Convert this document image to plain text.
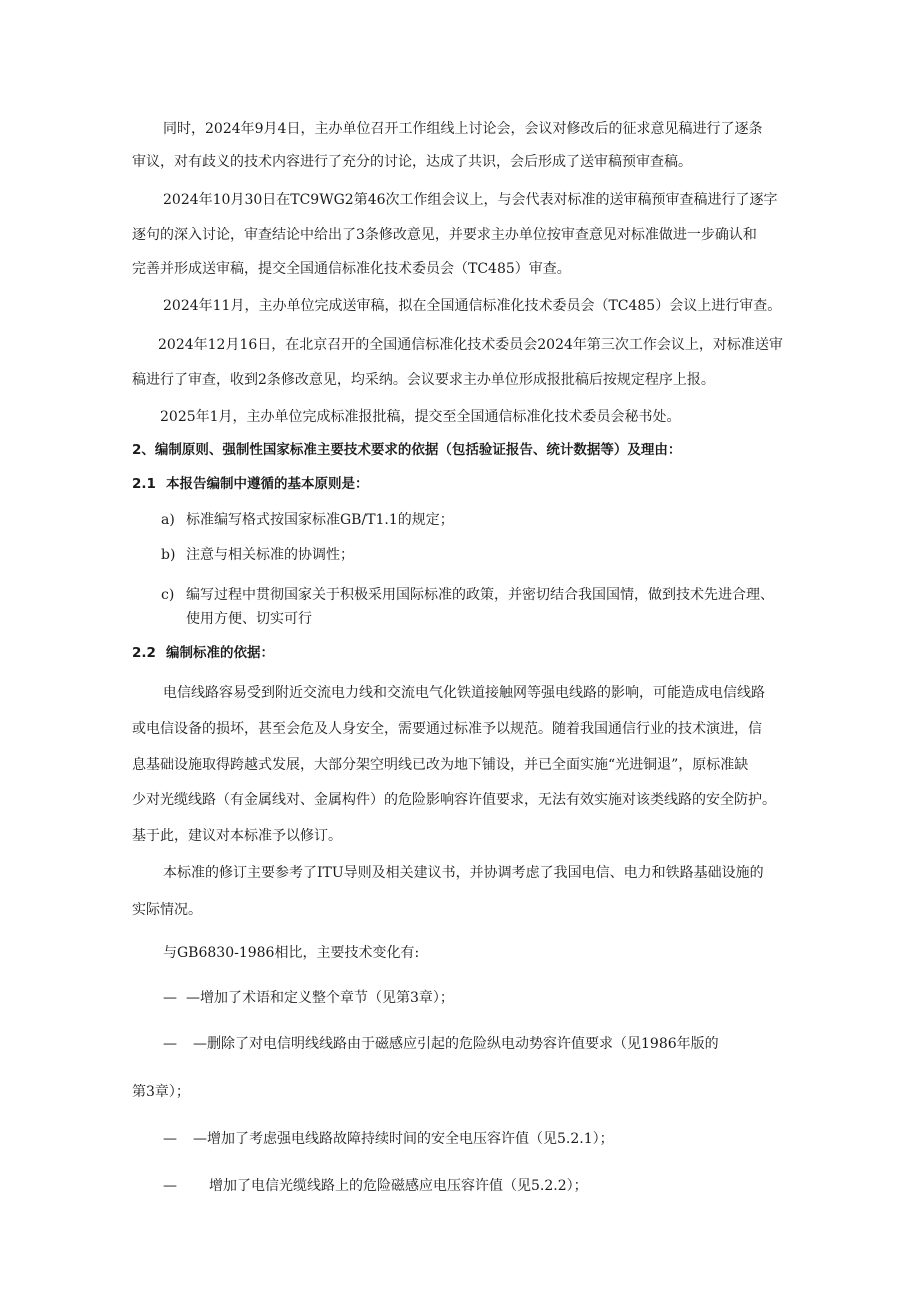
同时，2024年9月4日，主办单位召开工作组线上讨论会，会议对修改后的征求意见稿进行了逐条
审议，对有歧义的技术内容进行了充分的讨论，达成了共识，会后形成了送审稿预审查稿。
2024年10月30日在TC9WG2第46次工作组会议上，与会代表对标准的送审稿预审查稿进行了逐字
逐句的深入讨论，审查结论中给出了3条修改意见，并要求主办单位按审查意见对标准做进一步确认和
完善并形成送审稿，提交全国通信标准化技术委员会（TC485）审查。
2024年11月，主办单位完成送审稿，拟在全国通信标准化技术委员会（TC485）会议上进行审查。
2024年12月16日，在北京召开的全国通信标准化技术委员会2024年第三次工作会议上，对标准送审
稿进行了审查，收到2条修改意见，均采纳。会议要求主办单位形成报批稿后按规定程序上报。
2025年1月，主办单位完成标准报批稿，提交至全国通信标准化技术委员会秘书处。
2、编制原则、强制性国家标准主要技术要求的依据（包括验证报告、统计数据等）及理由：
2.1 本报告编制中遵循的基本原则是：
a) 标准编写格式按国家标准GB/T1.1的规定；
b) 注意与相关标准的协调性；
c) 编写过程中贯彻国家关于积极采用国际标准的政策，并密切结合我国国情，做到技术先进合理、
使用方便、切实可行
2.2 编制标准的依据：
电信线路容易受到附近交流电力线和交流电气化铁道接触网等强电线路的影响，可能造成电信线路
或电信设备的损坏，甚至会危及人身安全，需要通过标准予以规范。随着我国通信行业的技术演进，信
息基础设施取得跨越式发展，大部分架空明线已改为地下铺设，并已全面实施“光进铜退”，原标准缺
少对光缆线路（有金属线对、金属构件）的危险影响容许值要求，无法有效实施对该类线路的安全防护。
基于此，建议对本标准予以修订。
本标准的修订主要参考了ITU导则及相关建议书，并协调考虑了我国电信、电力和铁路基础设施的
实际情况。
与GB6830-1986相比，主要技术变化有:
— —增加了术语和定义整个章节（见第3章）；
— —删除了对电信明线线路由于磁感应引起的危险纵电动势容许值要求（见1986年版的
第3章）；
— —增加了考虑强电线路故障持续时间的安全电压容许值（见5.2.1）；
— 增加了电信光缆线路上的危险磁感应电压容许值（见5.2.2）；
